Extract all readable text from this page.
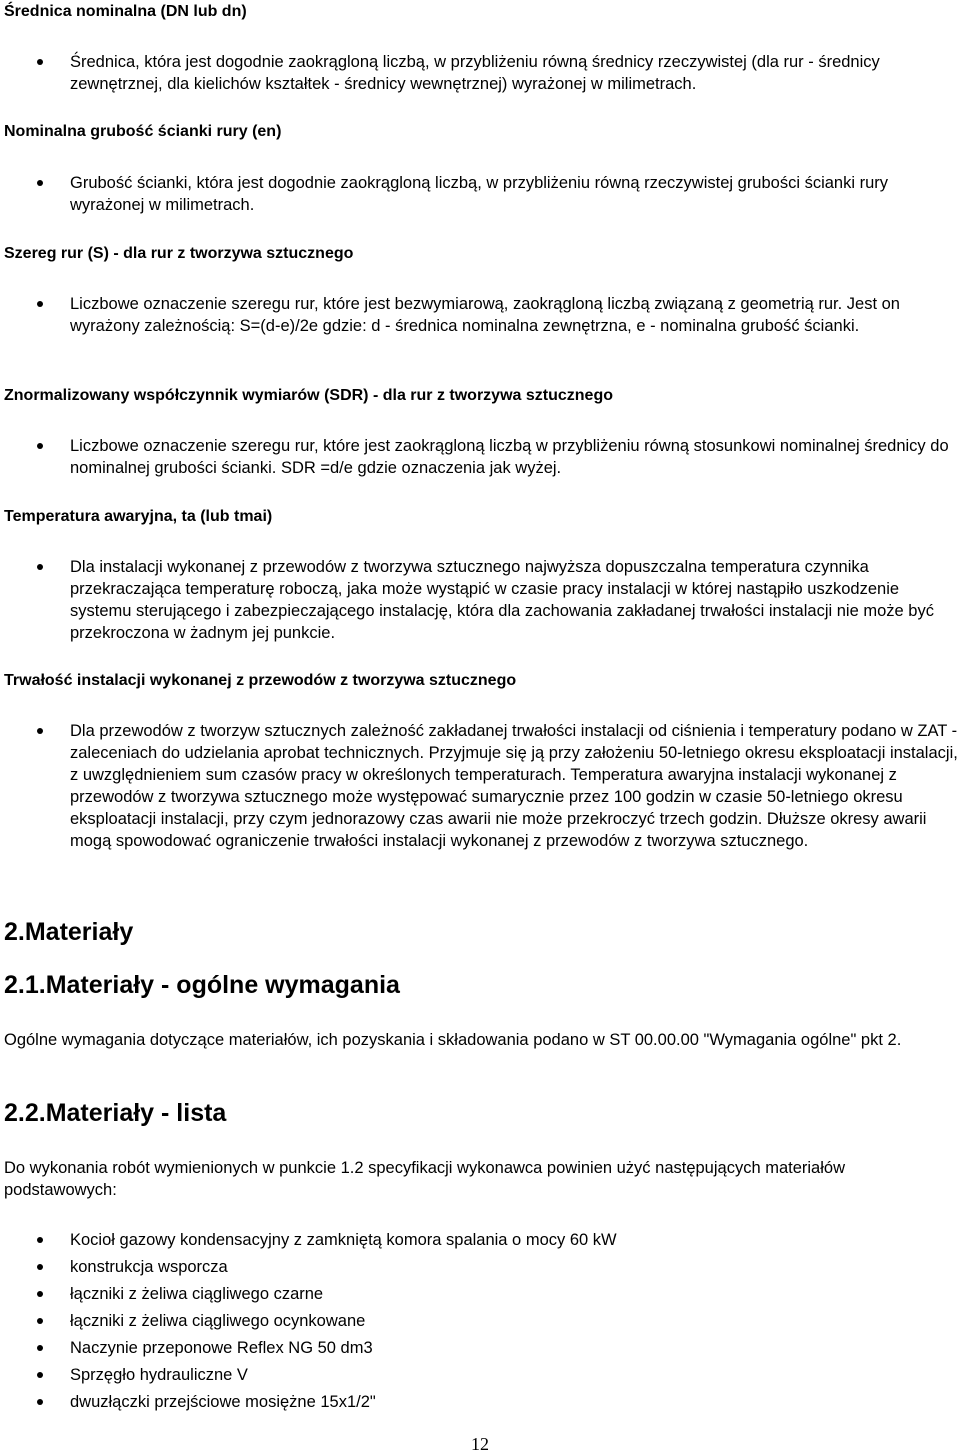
Średnica nominalna (DN lub dn)
Średnica, która jest dogodnie zaokrągloną liczbą, w przybliżeniu równą średnicy rzeczywistej (dla rur - średnicy zewnętrznej, dla kielichów kształtek - średnicy wewnętrznej) wyrażonej w milimetrach.
Nominalna grubość ścianki rury (en)
Grubość ścianki, która jest dogodnie zaokrągloną liczbą, w przybliżeniu równą rzeczywistej grubości ścianki rury wyrażonej w milimetrach.
Szereg rur (S) - dla rur z tworzywa sztucznego
Liczbowe oznaczenie szeregu rur, które jest bezwymiarową, zaokrągloną liczbą związaną z geometrią rur. Jest on wyrażony zależnością: S=(d-e)/2e gdzie: d - średnica nominalna zewnętrzna, e - nominalna grubość ścianki.
Znormalizowany współczynnik wymiarów (SDR) - dla rur z tworzywa sztucznego
Liczbowe oznaczenie szeregu rur, które jest zaokrągloną liczbą w przybliżeniu równą stosunkowi nominalnej średnicy do nominalnej grubości ścianki. SDR =d/e gdzie oznaczenia jak wyżej.
Temperatura awaryjna, ta (lub tmai)
Dla instalacji wykonanej z przewodów z tworzywa sztucznego najwyższa dopuszczalna temperatura czynnika przekraczająca temperaturę roboczą, jaka może wystąpić w czasie pracy instalacji w której nastąpiło uszkodzenie systemu sterującego i zabezpieczającego instalację, która dla zachowania zakładanej trwałości instalacji nie może być przekroczona w żadnym jej punkcie.
Trwałość instalacji wykonanej z przewodów z tworzywa sztucznego
Dla przewodów z tworzyw sztucznych zależność zakładanej trwałości instalacji od ciśnienia i temperatury podano w ZAT - zaleceniach do udzielania aprobat technicznych. Przyjmuje się ją przy założeniu 50-letniego okresu eksploatacji instalacji, z uwzględnieniem sum czasów pracy w określonych temperaturach. Temperatura awaryjna instalacji wykonanej z przewodów z tworzywa sztucznego może występować sumarycznie przez 100 godzin w czasie 50-letniego okresu eksploatacji instalacji, przy czym jednorazowy czas awarii nie może przekroczyć trzech godzin. Dłuższe okresy awarii mogą spowodować ograniczenie trwałości instalacji wykonanej z przewodów z tworzywa sztucznego.
2.Materiały
2.1.Materiały - ogólne wymagania
Ogólne wymagania dotyczące materiałów, ich pozyskania i składowania podano w ST 00.00.00 "Wymagania ogólne" pkt 2.
2.2.Materiały - lista
Do wykonania robót wymienionych w punkcie 1.2 specyfikacji wykonawca powinien użyć następujących materiałów podstawowych:
Kocioł gazowy kondensacyjny z zamkniętą komora spalania o mocy 60 kW
konstrukcja wsporcza
łączniki z żeliwa ciągliwego czarne
łączniki z żeliwa ciągliwego ocynkowane
Naczynie przeponowe Reflex NG 50 dm3
Sprzęgło hydrauliczne V
dwuzłączki przejściowe mosiężne 15x1/2"
12
